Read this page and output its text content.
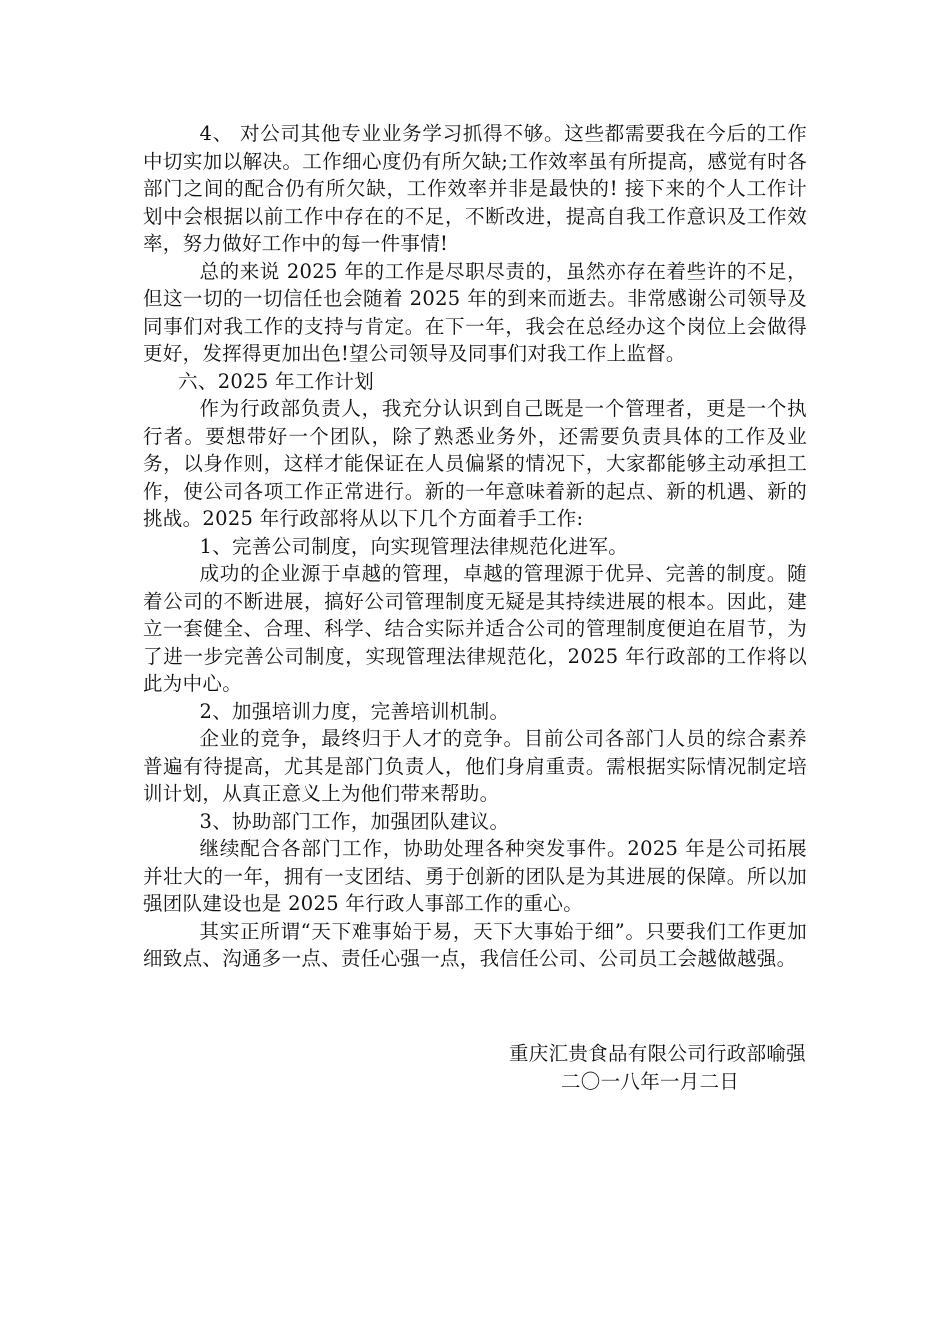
4、 对公司其他专业业务学习抓得不够。这些都需要我在今后的工作中切实加以解决。工作细心度仍有所欠缺;工作效率虽有所提高，感觉有时各部门之间的配合仍有所欠缺，工作效率并非是最快的! 接下来的个人工作计划中会根据以前工作中存在的不足，不断改进，提高自我工作意识及工作效率，努力做好工作中的每一件事情!

总的来说 2025 年的工作是尽职尽责的，虽然亦存在着些许的不足，但这一切的一切信任也会随着 2025 年的到来而逝去。非常感谢公司领导及同事们对我工作的支持与肯定。在下一年，我会在总经办这个岗位上会做得更好，发挥得更加出色!望公司领导及同事们对我工作上监督。

六、2025 年工作计划

作为行政部负责人，我充分认识到自己既是一个管理者，更是一个执行者。要想带好一个团队，除了熟悉业务外，还需要负责具体的工作及业务，以身作则，这样才能保证在人员偏紧的情况下，大家都能够主动承担工作，使公司各项工作正常进行。新的一年意味着新的起点、新的机遇、新的挑战。2025 年行政部将从以下几个方面着手工作:

1、完善公司制度，向实现管理法律规范化进军。

成功的企业源于卓越的管理，卓越的管理源于优异、完善的制度。随着公司的不断进展，搞好公司管理制度无疑是其持续进展的根本。因此，建立一套健全、合理、科学、结合实际并适合公司的管理制度便迫在眉节，为了进一步完善公司制度，实现管理法律规范化，2025 年行政部的工作将以此为中心。

2、加强培训力度，完善培训机制。

企业的竞争，最终归于人才的竞争。目前公司各部门人员的综合素养普遍有待提高，尤其是部门负责人，他们身肩重责。需根据实际情况制定培训计划，从真正意义上为他们带来帮助。

3、协助部门工作，加强团队建议。

继续配合各部门工作，协助处理各种突发事件。2025 年是公司拓展并壮大的一年，拥有一支团结、勇于创新的团队是为其进展的保障。所以加强团队建设也是 2025 年行政人事部工作的重心。

其实正所谓“天下难事始于易，天下大事始于细”。只要我们工作更加细致点、沟通多一点、责任心强一点，我信任公司、公司员工会越做越强。

重庆汇贵食品有限公司行政部喻强
二〇一八年一月二日
